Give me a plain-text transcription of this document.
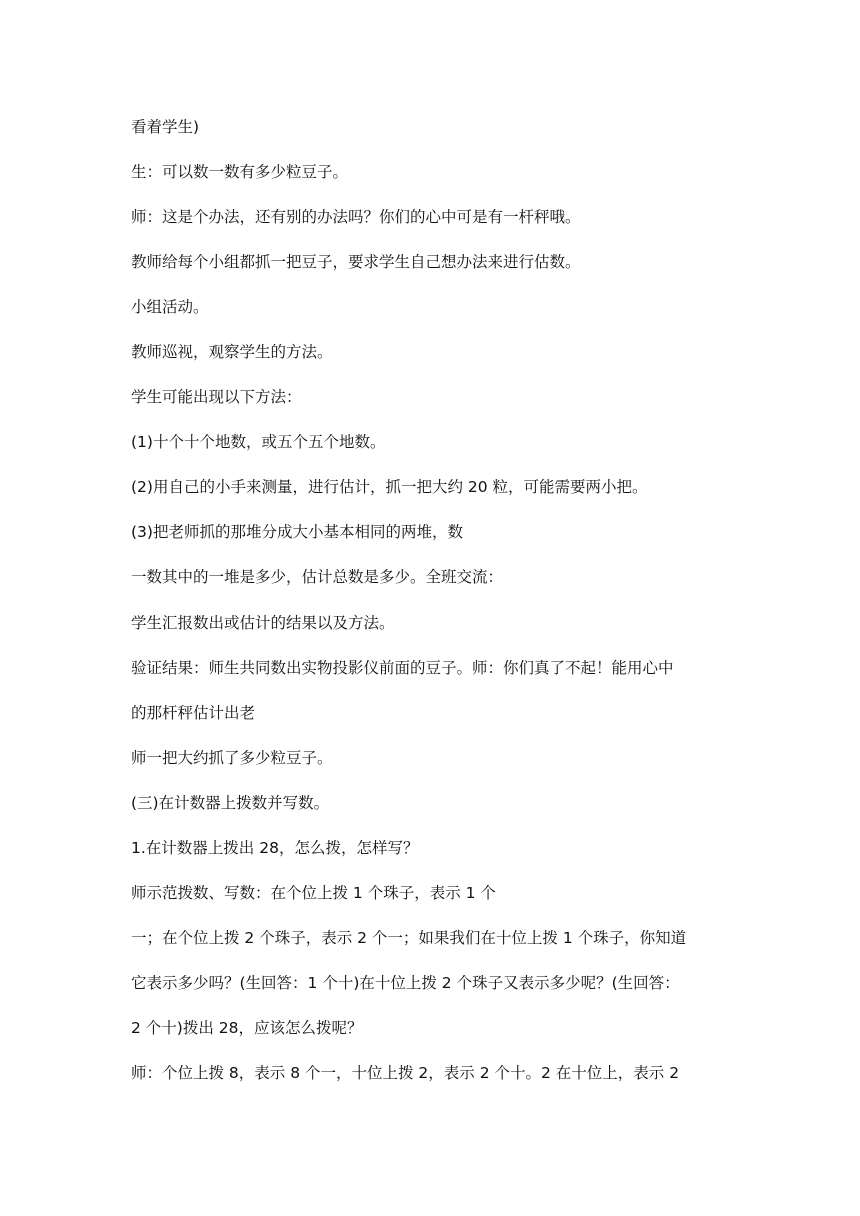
看着学生)
生：可以数一数有多少粒豆子。
师：这是个办法，还有别的办法吗？你们的心中可是有一杆秤哦。
教师给每个小组都抓一把豆子，要求学生自己想办法来进行估数。
小组活动。
教师巡视，观察学生的方法。
学生可能出现以下方法：
(1)十个十个地数，或五个五个地数。
(2)用自己的小手来测量，进行估计，抓一把大约 20 粒，可能需要两小把。
(3)把老师抓的那堆分成大小基本相同的两堆，数
一数其中的一堆是多少，估计总数是多少。全班交流：
学生汇报数出或估计的结果以及方法。
验证结果：师生共同数出实物投影仪前面的豆子。师：你们真了不起！能用心中
的那杆秤估计出老
师一把大约抓了多少粒豆子。
(三)在计数器上拨数并写数。
1.在计数器上拨出 28，怎么拨，怎样写？
师示范拨数、写数：在个位上拨 1 个珠子，表示 1 个
一；在个位上拨 2 个珠子，表示 2 个一；如果我们在十位上拨 1 个珠子，你知道
它表示多少吗？(生回答：1 个十)在十位上拨 2 个珠子又表示多少呢？(生回答：
2 个十)拨出 28，应该怎么拨呢？
师：个位上拨 8，表示 8 个一，十位上拨 2，表示 2 个十。2 在十位上，表示 2
